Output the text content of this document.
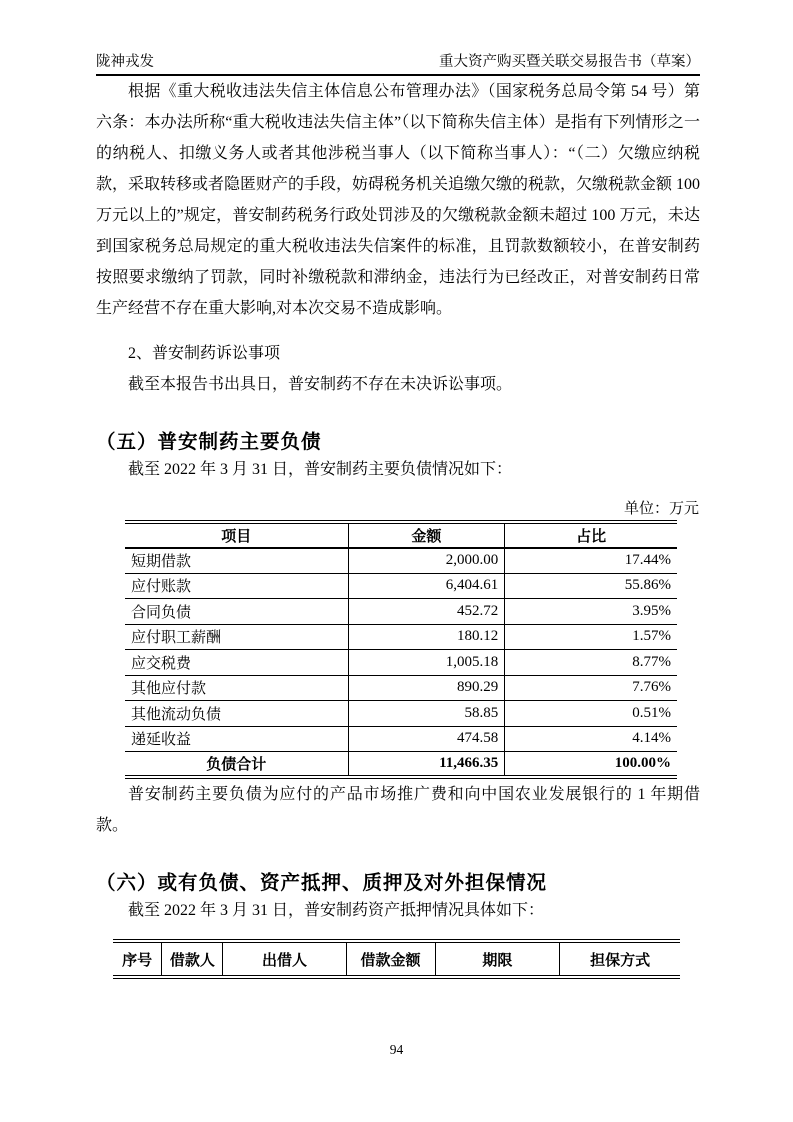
陇神戎发	重大资产购买暨关联交易报告书（草案）

根据《重大税收违法失信主体信息公布管理办法》（国家税务总局令第 54 号）第六条：本办法所称“重大税收违法失信主体”（以下简称失信主体）是指有下列情形之一的纳税人、扣缴义务人或者其他涉税当事人（以下简称当事人）：“（二）欠缴应纳税款，采取转移或者隐匿财产的手段，妨碍税务机关追缴欠缴的税款，欠缴税款金额 100 万元以上的”规定，普安制药税务行政处罚涉及的欠缴税款金额未超过 100 万元，未达到国家税务总局规定的重大税收违法失信案件的标准，且罚款数额较小，在普安制药按照要求缴纳了罚款，同时补缴税款和滞纳金，违法行为已经改正，对普安制药日常生产经营不存在重大影响,对本次交易不造成影响。

2、普安制药诉讼事项

截至本报告书出具日，普安制药不存在未决诉讼事项。

（五）普安制药主要负债

截至 2022 年 3 月 31 日，普安制药主要负债情况如下：

单位：万元
项目	金额	占比
短期借款	2,000.00	17.44%
应付账款	6,404.61	55.86%
合同负债	452.72	3.95%
应付职工薪酬	180.12	1.57%
应交税费	1,005.18	8.77%
其他应付款	890.29	7.76%
其他流动负债	58.85	0.51%
递延收益	474.58	4.14%
负债合计	11,466.35	100.00%

普安制药主要负债为应付的产品市场推广费和向中国农业发展银行的 1 年期借款。

（六）或有负债、资产抵押、质押及对外担保情况

截至 2022 年 3 月 31 日，普安制药资产抵押情况具体如下：

序号	借款人	出借人	借款金额	期限	担保方式
94
